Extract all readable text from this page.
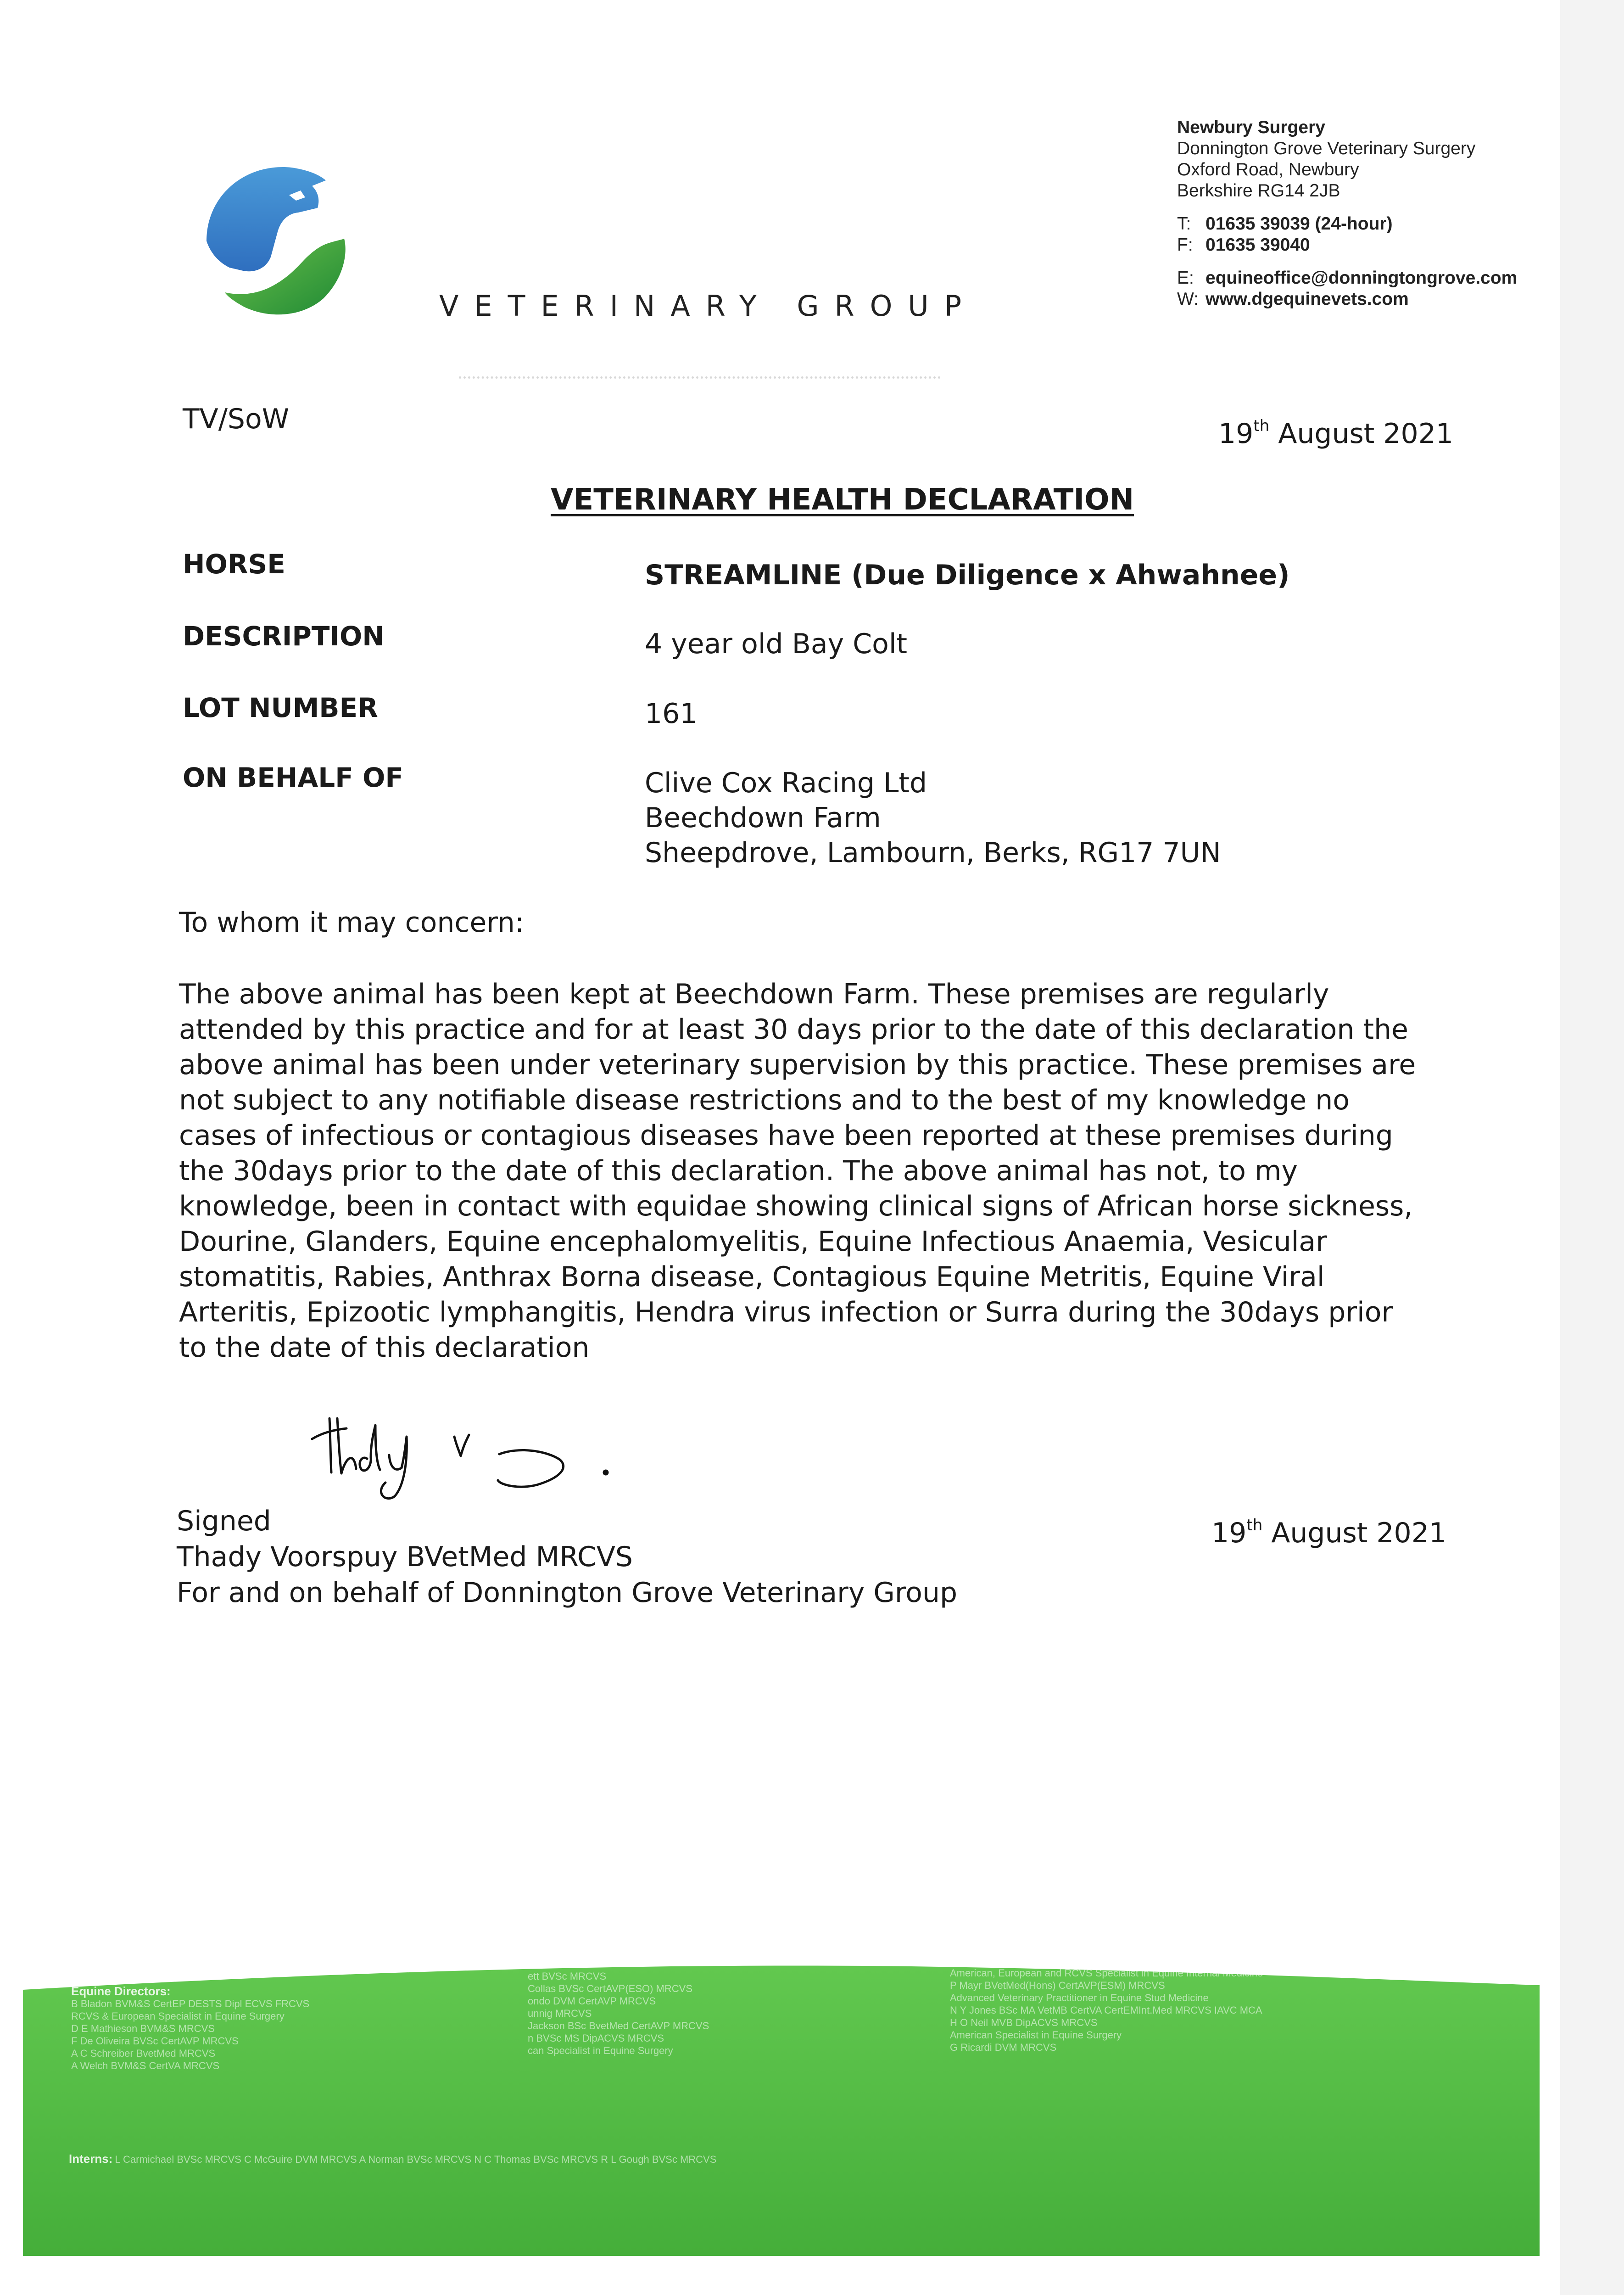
VETERINARY GROUP
Newbury Surgery
Donnington Grove Veterinary Surgery
Oxford Road, Newbury
Berkshire RG14 2JB
T: 01635 39039 (24-hour)
F: 01635 39040
E: equineoffice@donningtongrove.com
W: www.dgequinevets.com
TV/SoW	19th August 2021
VETERINARY HEALTH DECLARATION
HORSE	STREAMLINE (Due Diligence x Ahwahnee)
DESCRIPTION	4 year old Bay Colt
LOT NUMBER	161
ON BEHALF OF	Clive Cox Racing Ltd
Beechdown Farm
Sheepdrove, Lambourn, Berks, RG17 7UN
To whom it may concern:
The above animal has been kept at Beechdown Farm. These premises are regularly attended by this practice and for at least 30 days prior to the date of this declaration the above animal has been under veterinary supervision by this practice. These premises are not subject to any notifiable disease restrictions and to the best of my knowledge no cases of infectious or contagious diseases have been reported at these premises during the 30days prior to the date of this declaration. The above animal has not, to my knowledge, been in contact with equidae showing clinical signs of African horse sickness, Dourine, Glanders, Equine encephalomyelitis, Equine Infectious Anaemia, Vesicular stomatitis, Rabies, Anthrax Borna disease, Contagious Equine Metritis, Equine Viral Arteritis, Epizootic lymphangitis, Hendra virus infection or Surra during the 30days prior to the date of this declaration
Signed
Thady Voorspuy BVetMed MRCVS
For and on behalf of Donnington Grove Veterinary Group
19th August 2021
Equine Directors:
B Bladon BVM&S CertEP DESTS Dipl ECVS FRCVS
RCVS & European Specialist in Equine Surgery
D E Mathieson BVM&S MRCVS
F De Oliveira BVSc CertAVP MRCVS
A C Schreiber BvetMed MRCVS
A Welch BVM&S CertVA MRCVS
iates
ett BVSc MRCVS
Collas BVSc CertAVP(ESO) MRCVS
ondo DVM CertAVP MRCVS
unnig MRCVS
Jackson BSc BvetMed CertAVP MRCVS
n BVSc MS DipACVS MRCVS
can Specialist in Equine Surgery
K T McGowen BVetMed CertEMInt.Med MS DACVIM DiplECEIM MRCVS
American, European and RCVS Specialist in Equine Internal Medicine
P Mayr BVetMed(Hons) CertAVP(ESM) MRCVS
Advanced Veterinary Practitioner in Equine Stud Medicine
N Y Jones BSc MA VetMB CertVA CertEMInt.Med MRCVS IAVC MCA
H O Neil MVB DipACVS MRCVS
American Specialist in Equine Surgery
G Ricardi DVM MRCVS
Interns: L Carmichael BVSc MRCVS C McGuire DVM MRCVS A Norman BVSc MRCVS N C Thomas BVSc MRCVS R L Gough BVSc MRCVS
